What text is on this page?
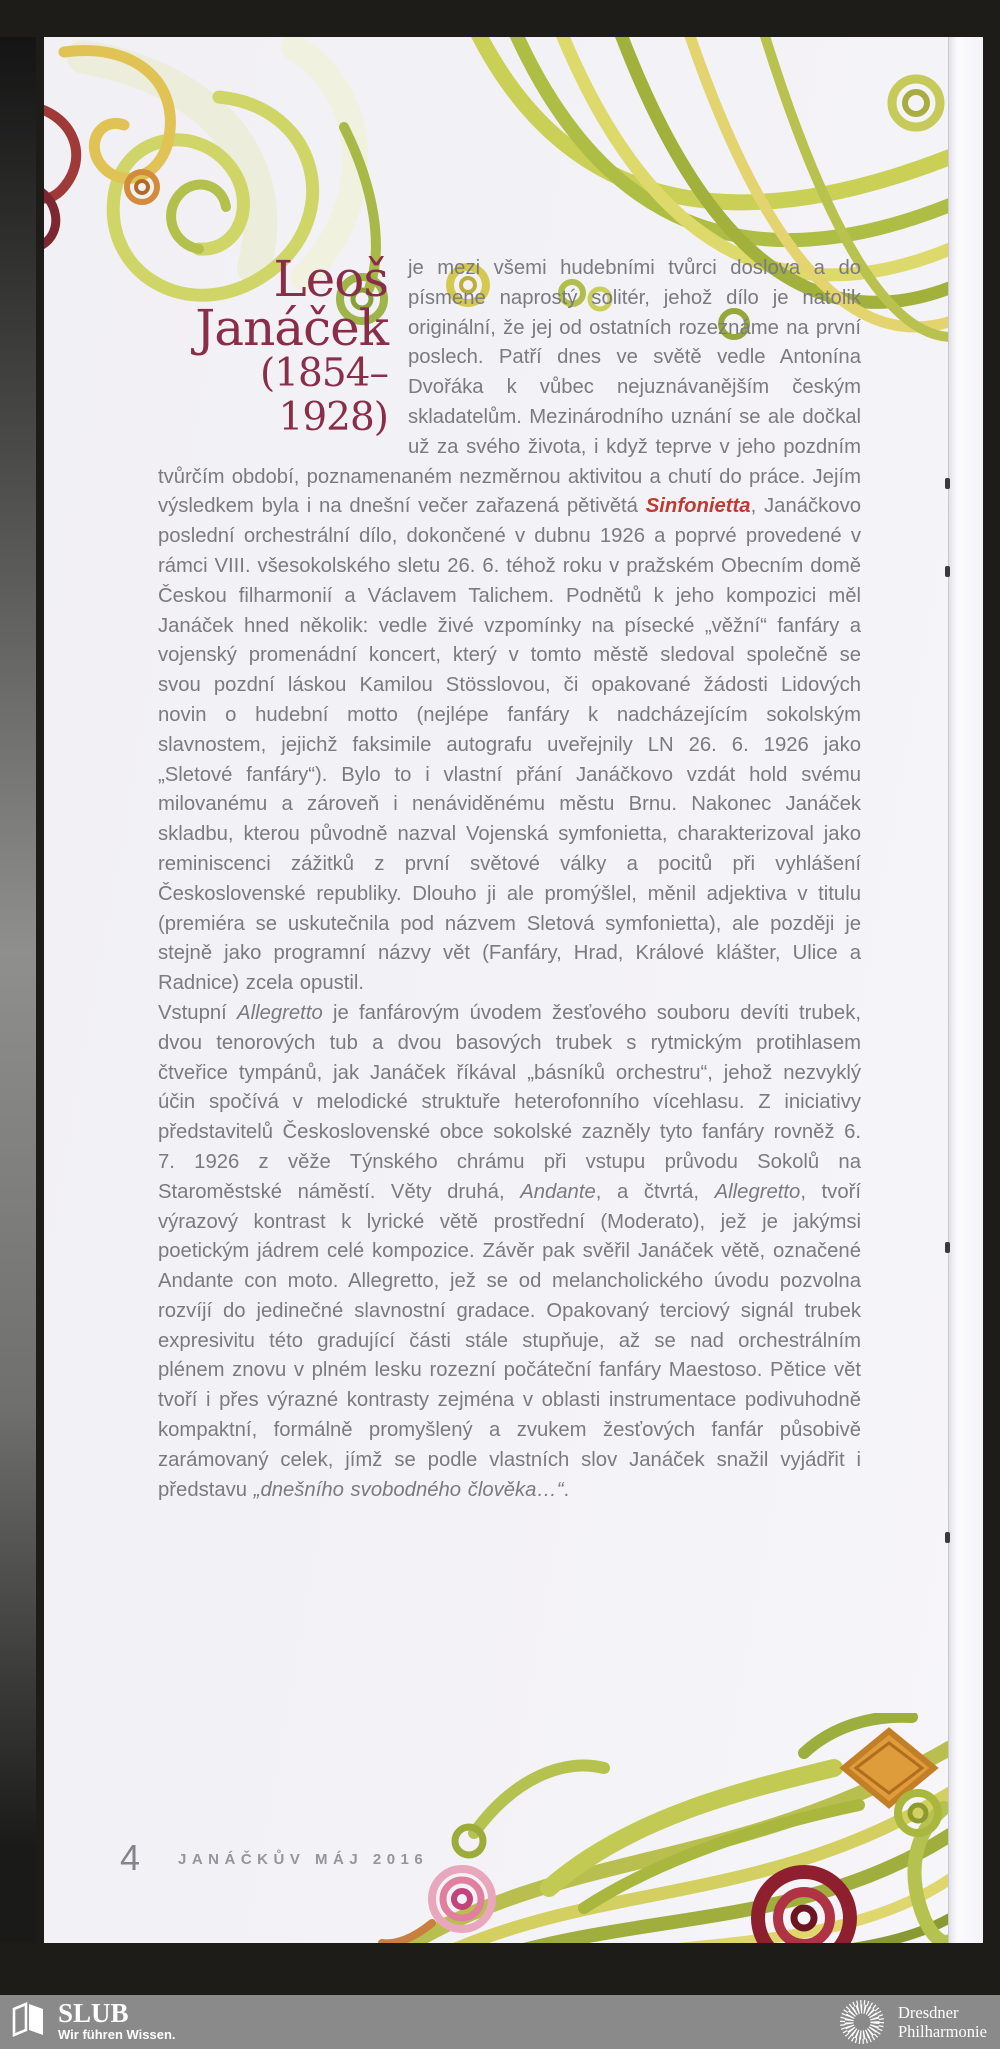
Leoš
Janáček
(1854–1928)

je mezi všemi hudebními tvůrci doslova a do písmene naprostý solitér, jehož dílo je natolik originální, že jej od ostatních rozeznáme na první poslech. Patří dnes ve světě vedle Antonína Dvořáka k vůbec nejuznávanějším českým skladatelům. Mezinárodního uznání se ale dočkal už za svého života, i když teprve v jeho pozdním tvůrčím období, poznamenaném nezměrnou aktivitou a chutí do práce. Jejím výsledkem byla i na dnešní večer zařazená pětivětá Sinfonietta, Janáčkovo poslední orchestrální dílo, dokončené v dubnu 1926 a poprvé provedené v rámci VIII. všesokolského sletu 26. 6. téhož roku v pražském Obecním domě Českou filharmonií a Václavem Talichem. Podnětů k jeho kompozici měl Janáček hned několik: vedle živé vzpomínky na písecké „věžní“ fanfáry a vojenský promenádní koncert, který v tomto městě sledoval společně se svou pozdní láskou Kamilou Stösslovou, či opakované žádosti Lidových novin o hudební motto (nejlépe fanfáry k nadcházejícím sokolským slavnostem, jejichž faksimile autografu uveřejnily LN 26. 6. 1926 jako „Sletové fanfáry“). Bylo to i vlastní přání Janáčkovo vzdát hold svému milovanému a zároveň i nenáviděnému městu Brnu. Nakonec Janáček skladbu, kterou původně nazval Vojenská symfonietta, charakterizoval jako reminiscenci zážitků z první světové války a pocitů při vyhlášení Československé republiky. Dlouho ji ale promýšlel, měnil adjektiva v titulu (premiéra se uskutečnila pod názvem Sletová symfonietta), ale později je stejně jako programní názvy vět (Fanfáry, Hrad, Králové klášter, Ulice a Radnice) zcela opustil.

Vstupní Allegretto je fanfárovým úvodem žesťového souboru devíti trubek, dvou tenorových tub a dvou basových trubek s rytmickým protihlasem čtveřice tympánů, jak Janáček říkával „básníků orchestru“, jehož nezvyklý účin spočívá v melodické struktuře heterofonního vícehlasu. Z iniciativy představitelů Československé obce sokolské zazněly tyto fanfáry rovněž 6. 7. 1926 z věže Týnského chrámu při vstupu průvodu Sokolů na Staroměstské náměstí. Věty druhá, Andante, a čtvrtá, Allegretto, tvoří výrazový kontrast k lyrické větě prostřední (Moderato), jež je jakýmsi poetickým jádrem celé kompozice. Závěr pak svěřil Janáček větě, označené Andante con moto. Allegretto, jež se od melancholického úvodu pozvolna rozvíjí do jedinečné slavnostní gradace. Opakovaný terciový signál trubek expresivitu této gradující části stále stupňuje, až se nad orchestrálním plénem znovu v plném lesku rozezní počáteční fanfáry Maestoso. Pětice vět tvoří i přes výrazné kontrasty zejména v oblasti instrumentace podivuhodně kompaktní, formálně promyšlený a zvukem žesťových fanfár působivě zarámovaný celek, jímž se podle vlastních slov Janáček snažil vyjádřit i představu „dnešního svobodného člověka…“.

4	JANÁČKŮV MÁJ 2016
SLUB
Wir führen Wissen.
Dresdner
Philharmonie
